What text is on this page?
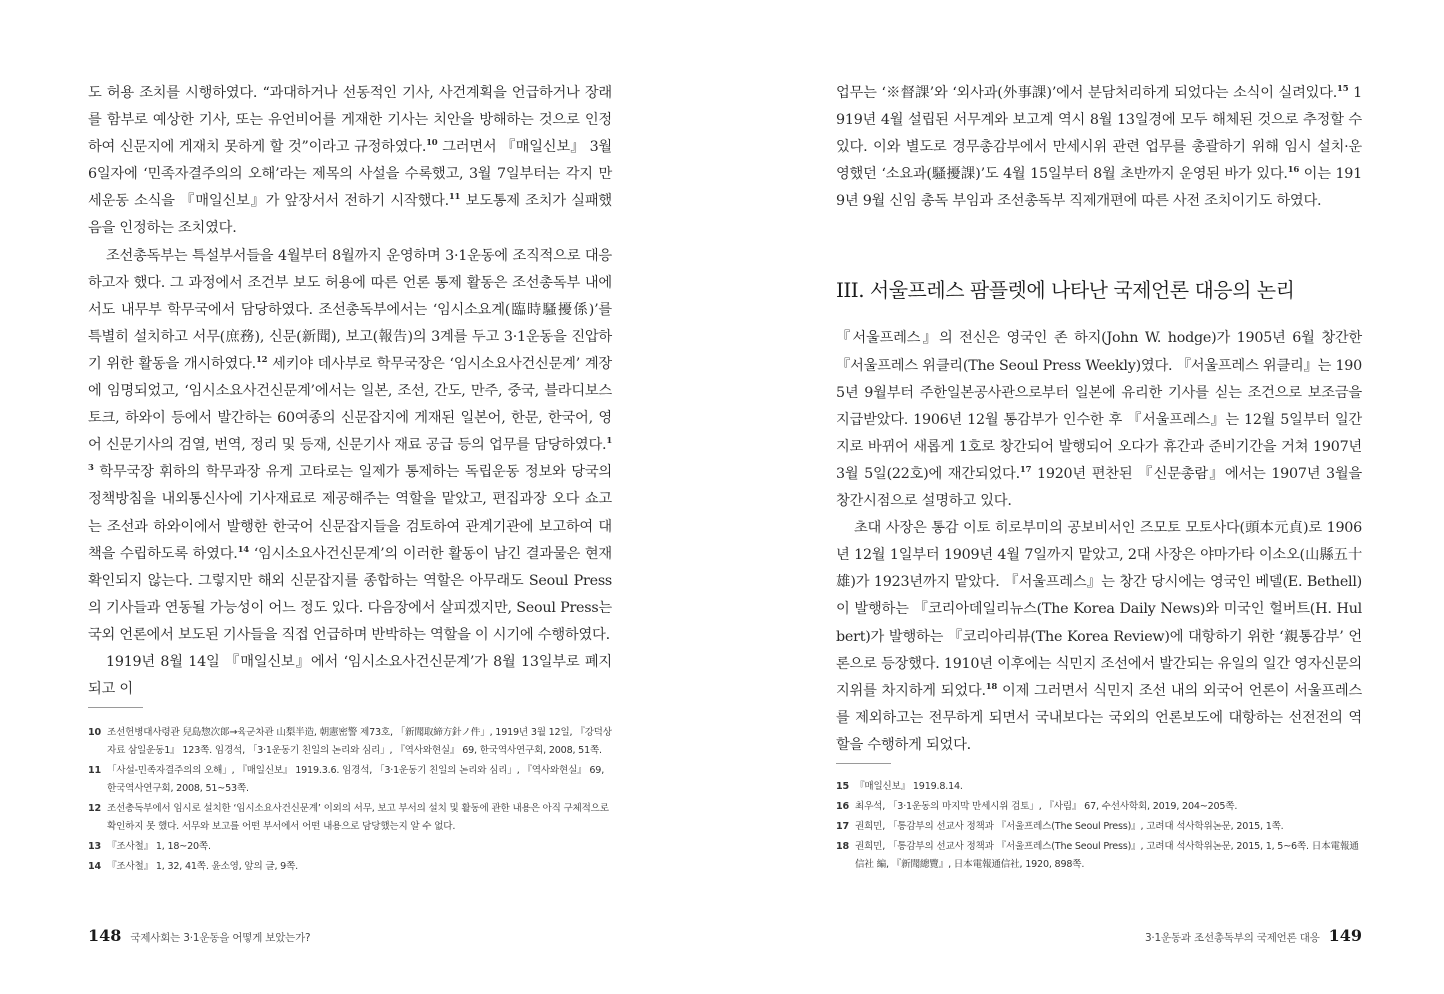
도 허용 조치를 시행하였다. “과대하거나 선동적인 기사, 사건계획을 언급하거나 장래를 함부로 예상한 기사, 또는 유언비어를 게재한 기사는 치안을 방해하는 것으로 인정하여 신문지에 게재치 못하게 할 것”이라고 규정하였다.$^{10}$ 그러면서 『매일신보』 3월 6일자에 ‘민족자결주의의 오해’라는 제목의 사설을 수록했고, 3월 7일부터는 각지 만세운동 소식을 『매일신보』가 앞장서서 전하기 시작했다.$^{11}$ 보도통제 조치가 실패했음을 인정하는 조치였다.

조선총독부는 특설부서들을 4월부터 8월까지 운영하며 3·1운동에 조직적으로 대응하고자 했다. 그 과정에서 조건부 보도 허용에 따른 언론 통제 활동은 조선총독부 내에서도 내무부 학무국에서 담당하였다. 조선총독부에서는 ‘임시소요계(臨時騷擾係)’를 특별히 설치하고 서무(庶務), 신문(新聞), 보고(報告)의 3계를 두고 3·1운동을 진압하기 위한 활동을 개시하였다.$^{12}$ 세키야 데사부로 학무국장은 ‘임시소요사건신문계’ 계장에 임명되었고, ‘임시소요사건신문계’에서는 일본, 조선, 간도, 만주, 중국, 블라디보스토크, 하와이 등에서 발간하는 60여종의 신문잡지에 게재된 일본어, 한문, 한국어, 영어 신문기사의 검열, 번역, 정리 및 등재, 신문기사 재료 공급 등의 업무를 담당하였다.$^{13}$ 학무국장 휘하의 학무과장 유게 고타로는 일제가 통제하는 독립운동 정보와 당국의 정책방침을 내외통신사에 기사재료로 제공해주는 역할을 맡았고, 편집과장 오다 쇼고는 조선과 하와이에서 발행한 한국어 신문잡지들을 검토하여 관계기관에 보고하여 대책을 수립하도록 하였다.$^{14}$ ‘임시소요사건신문계’의 이러한 활동이 남긴 결과물은 현재 확인되지 않는다. 그렇지만 해외 신문잡지를 종합하는 역할은 아무래도 Seoul Press의 기사들과 연동될 가능성이 어느 정도 있다. 다음장에서 살피겠지만, Seoul Press는 국외 언론에서 보도된 기사들을 직접 언급하며 반박하는 역할을 이 시기에 수행하였다.

1919년 8월 14일 『매일신보』에서 ‘임시소요사건신문계’가 8월 13일부로 폐지되고 이

10 조선헌병대사령관 兒島惣次郞→육군차관 山梨半造, 朝憲密警 제73호, 「新聞取締方針ノ件」, 1919년 3월 12일, 『강덕상자료 삼일운동1』 123쪽. 임경석, 「3·1운동기 친일의 논리와 심리」, 『역사와현실』 69, 한국역사연구회, 2008, 51쪽.
11 「사설-민족자결주의의 오해」, 『매일신보』 1919.3.6. 임경석, 「3·1운동기 친일의 논리와 심리」, 『역사와현실』 69, 한국역사연구회, 2008, 51~53쪽.
12 조선총독부에서 임시로 설치한 ‘임시소요사건신문계’ 이외의 서무, 보고 부서의 설치 및 활동에 관한 내용은 아직 구체적으로 확인하지 못 했다. 서무와 보고를 어떤 부서에서 어떤 내용으로 담당했는지 알 수 없다.
13 『조사철』 1, 18~20쪽.
14 『조사철』 1, 32, 41쪽. 윤소영, 앞의 글, 9쪽.
148 국제사회는 3·1운동을 어떻게 보았는가?

업무는 ‘※督課’와 ‘외사과(外事課)’에서 분담처리하게 되었다는 소식이 실려있다.$^{15}$ 1919년 4월 설립된 서무계와 보고계 역시 8월 13일경에 모두 해체된 것으로 추정할 수 있다. 이와 별도로 경무총감부에서 만세시위 관련 업무를 총괄하기 위해 임시 설치·운영했던 ‘소요과(騷擾課)’도 4월 15일부터 8월 초반까지 운영된 바가 있다.$^{16}$ 이는 1919년 9월 신임 총독 부임과 조선총독부 직제개편에 따른 사전 조치이기도 하였다.

III. 서울프레스 팜플렛에 나타난 국제언론 대응의 논리

『서울프레스』의 전신은 영국인 존 하지(John W. hodge)가 1905년 6월 창간한 『서울프레스 위클리(The Seoul Press Weekly)였다. 『서울프레스 위클리』는 1905년 9월부터 주한일본공사관으로부터 일본에 유리한 기사를 싣는 조건으로 보조금을 지급받았다. 1906년 12월 통감부가 인수한 후 『서울프레스』는 12월 5일부터 일간지로 바뀌어 새롭게 1호로 창간되어 발행되어 오다가 휴간과 준비기간을 거쳐 1907년 3월 5일(22호)에 재간되었다.$^{17}$ 1920년 편찬된 『신문총람』에서는 1907년 3월을 창간시점으로 설명하고 있다.

초대 사장은 통감 이토 히로부미의 공보비서인 즈모토 모토사다(頭本元貞)로 1906년 12월 1일부터 1909년 4월 7일까지 맡았고, 2대 사장은 야마가타 이소오(山縣五十雄)가 1923년까지 맡았다. 『서울프레스』는 창간 당시에는 영국인 베델(E. Bethell)이 발행하는 『코리아데일리뉴스(The Korea Daily News)와 미국인 헐버트(H. Hulbert)가 발행하는 『코리아리뷰(The Korea Review)에 대항하기 위한 ‘親통감부’ 언론으로 등장했다. 1910년 이후에는 식민지 조선에서 발간되는 유일의 일간 영자신문의 지위를 차지하게 되었다.$^{18}$ 이제 그러면서 식민지 조선 내의 외국어 언론이 서울프레스를 제외하고는 전무하게 되면서 국내보다는 국외의 언론보도에 대항하는 선전전의 역할을 수행하게 되었다.

15 『매일신보』 1919.8.14.
16 최우석, 「3·1운동의 마지막 만세시위 검토」, 『사림』 67, 수선사학회, 2019, 204~205쪽.
17 권희민, 「통감부의 선교사 정책과 『서울프레스(The Seoul Press)』, 고려대 석사학위논문, 2015, 1쪽.
18 권희민, 「통감부의 선교사 정책과 『서울프레스(The Seoul Press)』, 고려대 석사학위논문, 2015, 1, 5~6쪽. 日本電報通信社 編, 『新聞總覽』, 日本電報通信社, 1920, 898쪽.
3·1운동과 조선총독부의 국제언론 대응 149
